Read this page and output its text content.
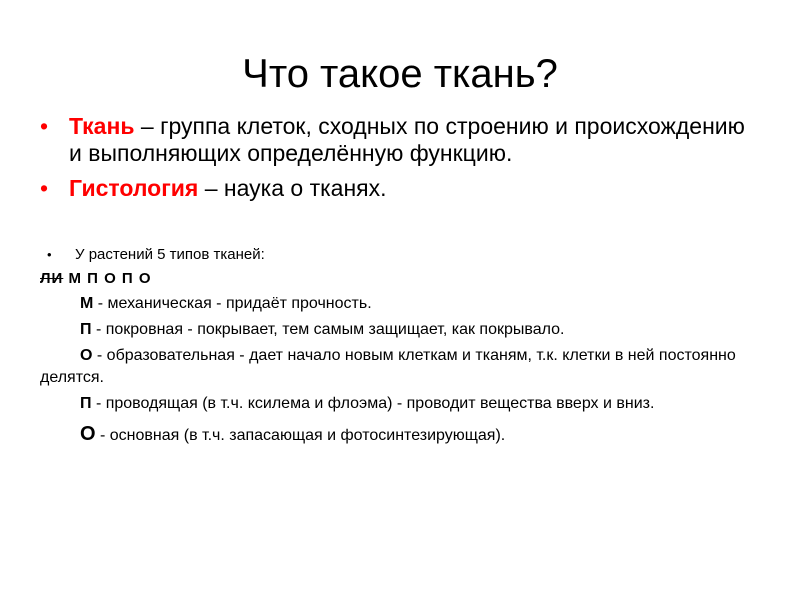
Что такое ткань?
• Ткань – группа клеток, сходных по строению и происхождению и выполняющих определённую функцию.
• Гистология – наука о тканях.
• У растений 5 типов тканей:
ЛИ М П О П О
М - механическая - придаёт прочность.
П - покровная - покрывает, тем самым защищает, как покрывало.
О - образовательная - дает начало новым клеткам и тканям, т.к. клетки в ней постоянно делятся.
П - проводящая (в т.ч. ксилема и флоэма) - проводит вещества вверх и вниз.
О - основная (в т.ч. запасающая и фотосинтезирующая).
